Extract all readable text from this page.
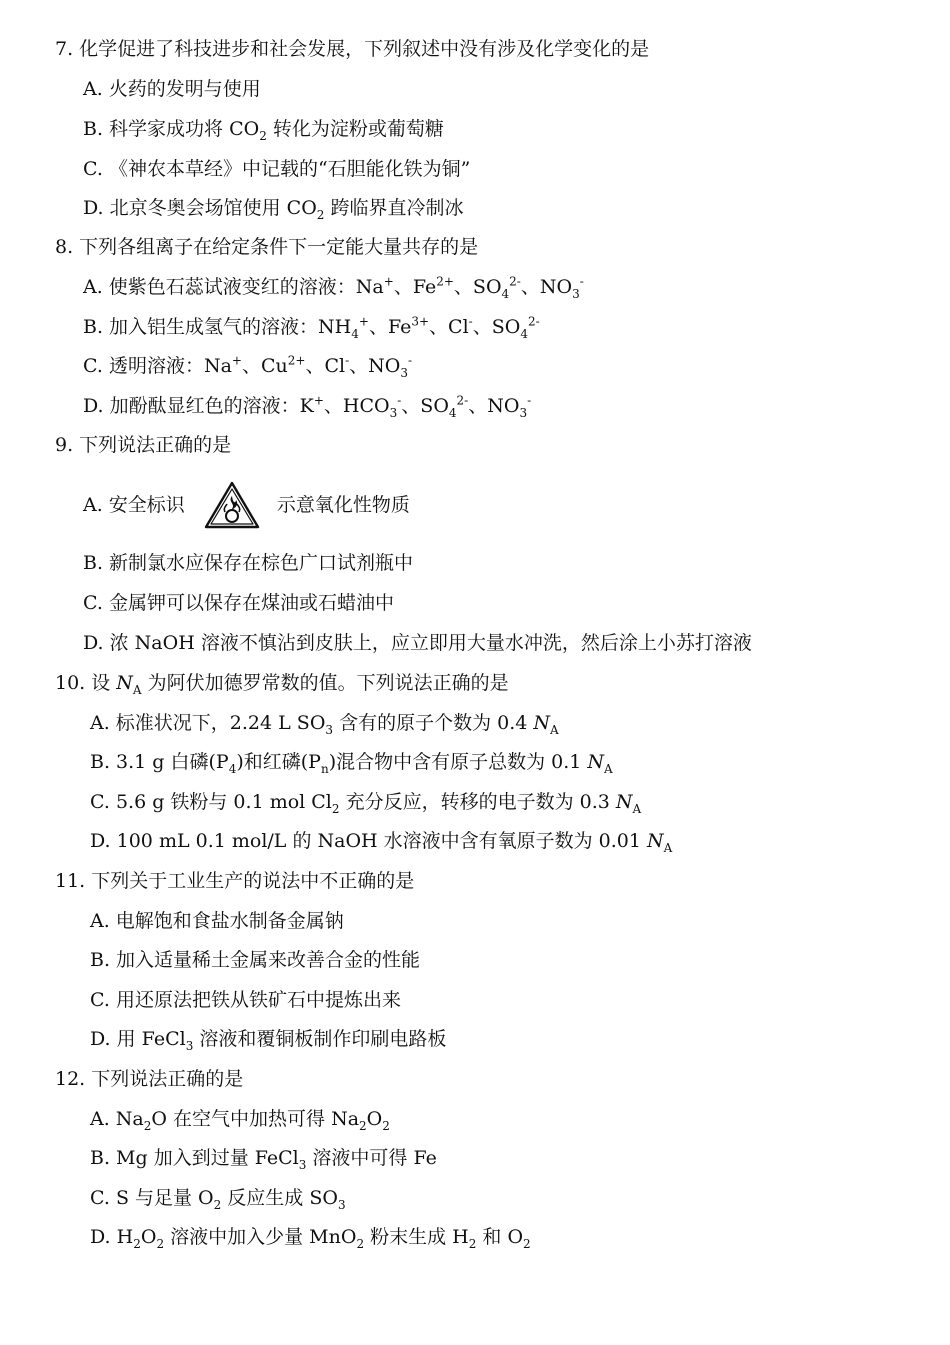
7. 化学促进了科技进步和社会发展，下列叙述中没有涉及化学变化的是
A. 火药的发明与使用
B. 科学家成功将 $CO_2$ 转化为淀粉或葡萄糖
C. 《神农本草经》中记载的“石胆能化铁为铜”
D. 北京冬奥会场馆使用 $CO_2$ 跨临界直冷制冰
8. 下列各组离子在给定条件下一定能大量共存的是
A. 使紫色石蕊试液变红的溶液：Na+、$Fe^{2+}$、$SO_4^{2-}$、$NO_3^-$
B. 加入铝生成氢气的溶液：$NH_4^+$、$Fe^{3+}$、Cl-、$SO_4^{2-}$
C. 透明溶液：Na+、$Cu^{2+}$、Cl-、$NO_3^-$
D. 加酚酞显红色的溶液：K+、$HCO_3^-$、$SO_4^{2-}$、$NO_3^-$
9. 下列说法正确的是
A. 安全标识	示意氧化性物质
B. 新制氯水应保存在棕色广口试剂瓶中
C. 金属钾可以保存在煤油或石蜡油中
D. 浓 NaOH 溶液不慎沾到皮肤上，应立即用大量水冲洗，然后涂上小苏打溶液
10. 设 $N_A$ 为阿伏加德罗常数的值。下列说法正确的是
A. 标准状况下，2.24 L $SO_3$ 含有的原子个数为 0.4 $N_A$
B. 3.1 g 白磷$(P_4)$和红磷$(P_n)$混合物中含有原子总数为 0.1 $N_A$
C. 5.6 g 铁粉与 0.1 mol $Cl_2$ 充分反应，转移的电子数为 0.3 $N_A$
D. 100 mL 0.1 mol/L 的 NaOH 水溶液中含有氧原子数为 0.01 $N_A$
11. 下列关于工业生产的说法中不正确的是
A. 电解饱和食盐水制备金属钠
B. 加入适量稀土金属来改善合金的性能
C. 用还原法把铁从铁矿石中提炼出来
D. 用 FeCl$_3$ 溶液和覆铜板制作印刷电路板
12. 下列说法正确的是
A. $Na_2O$ 在空气中加热可得 $Na_2O_2$
B. Mg 加入到过量 FeCl$_3$ 溶液中可得 Fe
C. S 与足量 $O_2$ 反应生成 $SO_3$
D. $H_2O_2$ 溶液中加入少量 MnO$_2$ 粉末生成 $H_2$ 和 $O_2$
